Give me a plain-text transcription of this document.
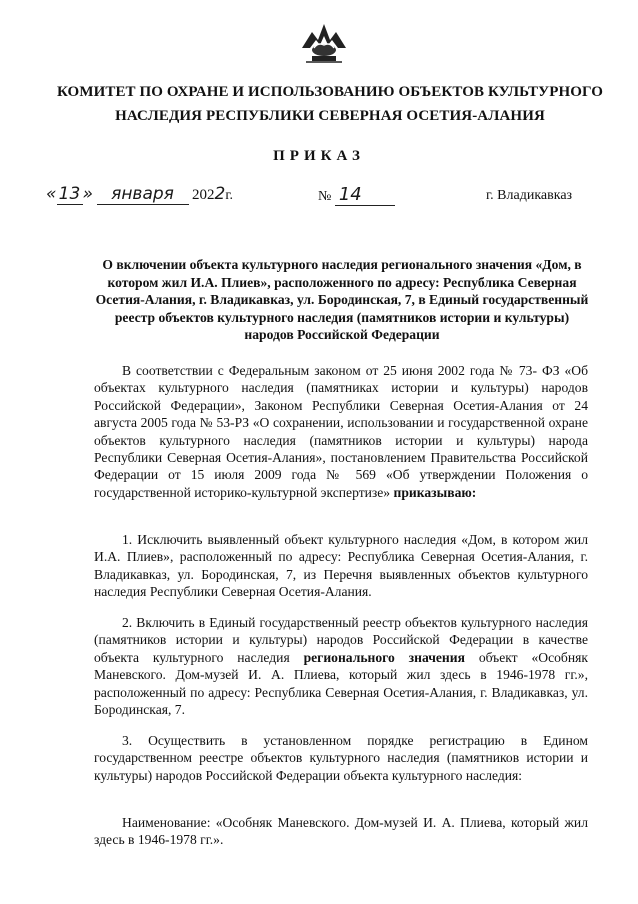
КОМИТЕТ ПО ОХРАНЕ И ИСПОЛЬЗОВАНИЮ ОБЪЕКТОВ КУЛЬТУРНОГО

НАСЛЕДИЯ РЕСПУБЛИКИ СЕВЕРНАЯ ОСЕТИЯ-АЛАНИЯ

ПРИКАЗ

« 13 » января 2022г.	№ 14	г. Владикавказ

О включении объекта культурного наследия регионального значения «Дом, в котором жил И.А. Плиев», расположенного по адресу: Республика Северная Осетия-Алания, г. Владикавказ, ул. Бородинская, 7, в Единый государственный реестр объектов культурного наследия (памятников истории и культуры) народов Российской Федерации

В соответствии с Федеральным законом от 25 июня 2002 года № 73- ФЗ «Об объектах культурного наследия (памятниках истории и культуры) народов Российской Федерации», Законом Республики Северная Осетия-Алания от 24 августа 2005 года № 53-РЗ «О сохранении, использовании и государственной охране объектов культурного наследия (памятников истории и культуры) народа Республики Северная Осетия-Алания», постановлением Правительства Российской Федерации от 15 июля 2009 года № 569 «Об утверждении Положения о государственной историко-культурной экспертизе» приказываю:

1. Исключить выявленный объект культурного наследия «Дом, в котором жил И.А. Плиев», расположенный по адресу: Республика Северная Осетия-Алания, г. Владикавказ, ул. Бородинская, 7, из Перечня выявленных объектов культурного наследия Республики Северная Осетия-Алания.

2. Включить в Единый государственный реестр объектов культурного наследия (памятников истории и культуры) народов Российской Федерации в качестве объекта культурного наследия регионального значения объект «Особняк Маневского. Дом-музей И. А. Плиева, который жил здесь в 1946-1978 гг.», расположенный по адресу: Республика Северная Осетия-Алания, г. Владикавказ, ул. Бородинская, 7.

3. Осуществить в установленном порядке регистрацию в Едином государственном реестре объектов культурного наследия (памятников истории и культуры) народов Российской Федерации объекта культурного наследия:

Наименование: «Особняк Маневского. Дом-музей И. А. Плиева, который жил здесь в 1946-1978 гг.».
